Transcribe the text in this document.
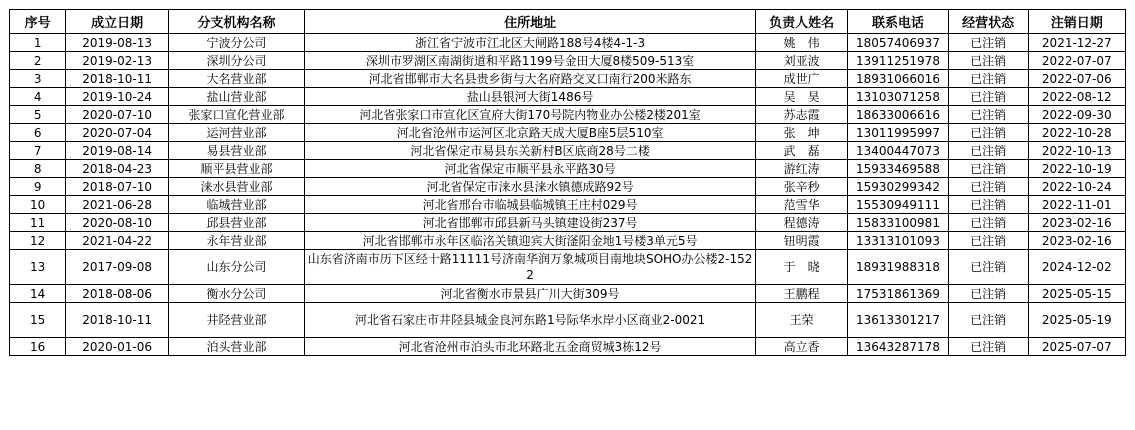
序号	成立日期	分支机构名称	住所地址	负责人姓名	联系电话	经营状态	注销日期
1	2019-08-13	宁波分公司	浙江省宁波市江北区大闸路188号4楼4-1-3	姚　伟	18057406937	已注销	2021-12-27
2	2019-02-13	深圳分公司	深圳市罗湖区南湖街道和平路1199号金田大厦8楼509-513室	刘亚波	13911251978	已注销	2022-07-07
3	2018-10-11	大名营业部	河北省邯郸市大名县贵乡街与大名府路交叉口南行200米路东	成世广	18931066016	已注销	2022-07-06
4	2019-10-24	盐山营业部	盐山县银河大街1486号	吴　昊	13103071258	已注销	2022-08-12
5	2020-07-10	张家口宣化营业部	河北省张家口市宣化区宣府大街170号院内物业办公楼2楼201室	苏志霞	18633006616	已注销	2022-09-30
6	2020-07-04	运河营业部	河北省沧州市运河区北京路天成大厦B座5层510室	张　坤	13011995997	已注销	2022-10-28
7	2019-08-14	易县营业部	河北省保定市易县东关新村B区底商28号二楼	武　磊	13400447073	已注销	2022-10-13
8	2018-04-23	顺平县营业部	河北省保定市顺平县永平路30号	游红涛	15933469588	已注销	2022-10-19
9	2018-07-10	涞水县营业部	河北省保定市涞水县涞水镇德成路92号	张辛秒	15930299342	已注销	2022-10-24
10	2021-06-28	临城营业部	河北省邢台市临城县临城镇王庄村029号	范雪华	15530949111	已注销	2022-11-01
11	2020-08-10	邱县营业部	河北省邯郸市邱县新马头镇建设街237号	程德涛	15833100981	已注销	2023-02-16
12	2021-04-22	永年营业部	河北省邯郸市永年区临洺关镇迎宾大街滏阳金地1号楼3单元5号	钮明霞	13313101093	已注销	2023-02-16
13	2017-09-08	山东分公司	山东省济南市历下区经十路11111号济南华润万象城项目南地块SOHO办公楼2-1522	于　晓	18931988318	已注销	2024-12-02
14	2018-08-06	衡水分公司	河北省衡水市景县广川大街309号	王鹏程	17531861369	已注销	2025-05-15
15	2018-10-11	井陉营业部	河北省石家庄市井陉县城金良河东路1号际华水岸小区商业2-0021	王荣	13613301217	已注销	2025-05-19
16	2020-01-06	泊头营业部	河北省沧州市泊头市北环路北五金商贸城3栋12号	高立香	13643287178	已注销	2025-07-07
